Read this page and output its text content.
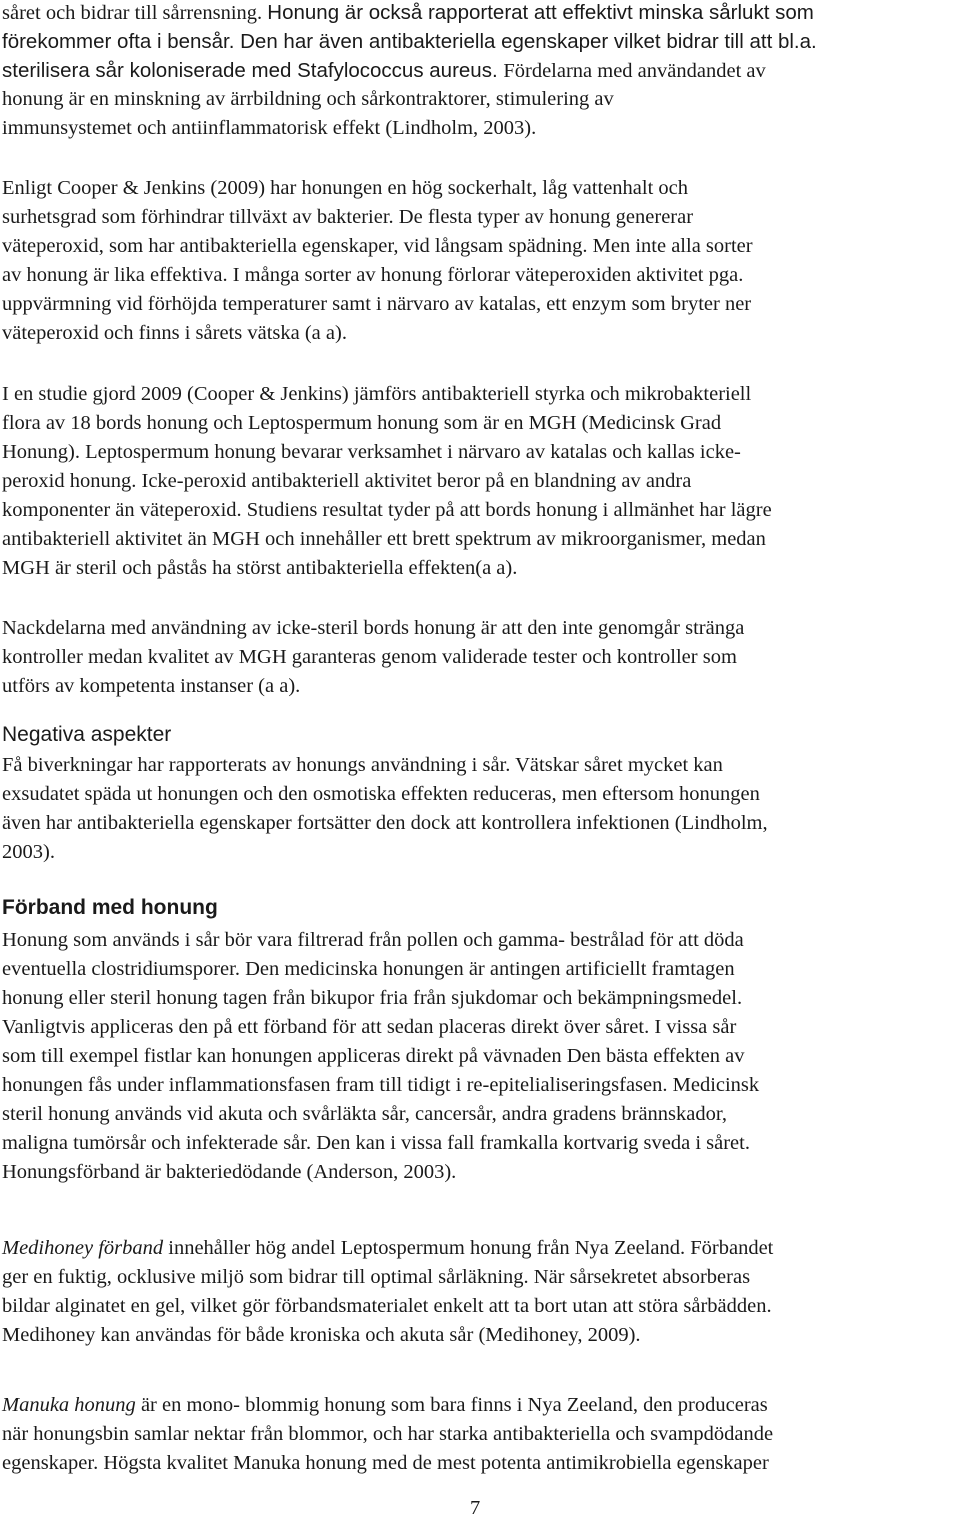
såret och bidrar till sårrensning. Honung är också rapporterat att effektivt minska sårlukt som
förekommer ofta i bensår. Den har även antibakteriella egenskaper vilket bidrar till att bl.a.
sterilisera sår koloniserade med Stafylococcus aureus. Fördelarna med användandet av
honung är en minskning av ärrbildning och sårkontraktorer, stimulering av
immunsystemet och antiinflammatorisk effekt (Lindholm, 2003).
Enligt Cooper & Jenkins (2009) har honungen en hög sockerhalt, låg vattenhalt och
surhetsgrad som förhindrar tillväxt av bakterier. De flesta typer av honung genererar
väteperoxid, som har antibakteriella egenskaper, vid långsam spädning. Men inte alla sorter
av honung är lika effektiva. I många sorter av honung förlorar väteperoxiden aktivitet pga.
uppvärmning vid förhöjda temperaturer samt i närvaro av katalas, ett enzym som bryter ner
väteperoxid och finns i sårets vätska (a a).
I en studie gjord 2009 (Cooper & Jenkins) jämförs antibakteriell styrka och mikrobakteriell
flora av 18 bords honung och Leptospermum honung som är en MGH (Medicinsk Grad
Honung). Leptospermum honung bevarar verksamhet i närvaro av katalas och kallas icke-
peroxid honung. Icke-peroxid antibakteriell aktivitet beror på en blandning av andra
komponenter än väteperoxid. Studiens resultat tyder på att bords honung i allmänhet har lägre
antibakteriell aktivitet än MGH och innehåller ett brett spektrum av mikroorganismer, medan
MGH är steril och påstås ha störst antibakteriella effekten(a a).
Nackdelarna med användning av icke-steril bords honung är att den inte genomgår stränga
kontroller medan kvalitet av MGH garanteras genom validerade tester och kontroller som
utförs av kompetenta instanser (a a).
Negativa aspekter
Få biverkningar har rapporterats av honungs användning i sår. Vätskar såret mycket kan
exsudatet späda ut honungen och den osmotiska effekten reduceras, men eftersom honungen
även har antibakteriella egenskaper fortsätter den dock att kontrollera infektionen (Lindholm,
2003).
Förband med honung
Honung som används i sår bör vara filtrerad från pollen och gamma- bestrålad för att döda
eventuella clostridiumsporer. Den medicinska honungen är antingen artificiellt framtagen
honung eller steril honung tagen från bikupor fria från sjukdomar och bekämpningsmedel.
Vanligtvis appliceras den på ett förband för att sedan placeras direkt över såret. I vissa sår
som till exempel fistlar kan honungen appliceras direkt på vävnaden Den bästa effekten av
honungen fås under inflammationsfasen fram till tidigt i re-epitelialiseringsfasen. Medicinsk
steril honung används vid akuta och svårläkta sår, cancersår, andra gradens brännskador,
maligna tumörsår och infekterade sår. Den kan i vissa fall framkalla kortvarig sveda i såret.
Honungsförband är bakteriedödande (Anderson, 2003).
Medihoney förband innehåller hög andel Leptospermum honung från Nya Zeeland. Förbandet
ger en fuktig, ocklusive miljö som bidrar till optimal sårläkning. När sårsekretet absorberas
bildar alginatet en gel, vilket gör förbandsmaterialet enkelt att ta bort utan att störa sårbädden.
Medihoney kan användas för både kroniska och akuta sår (Medihoney, 2009).
Manuka honung är en mono- blommig honung som bara finns i Nya Zeeland, den produceras
när honungsbin samlar nektar från blommor, och har starka antibakteriella och svampdödande
egenskaper. Högsta kvalitet Manuka honung med de mest potenta antimikrobiella egenskaper
7
